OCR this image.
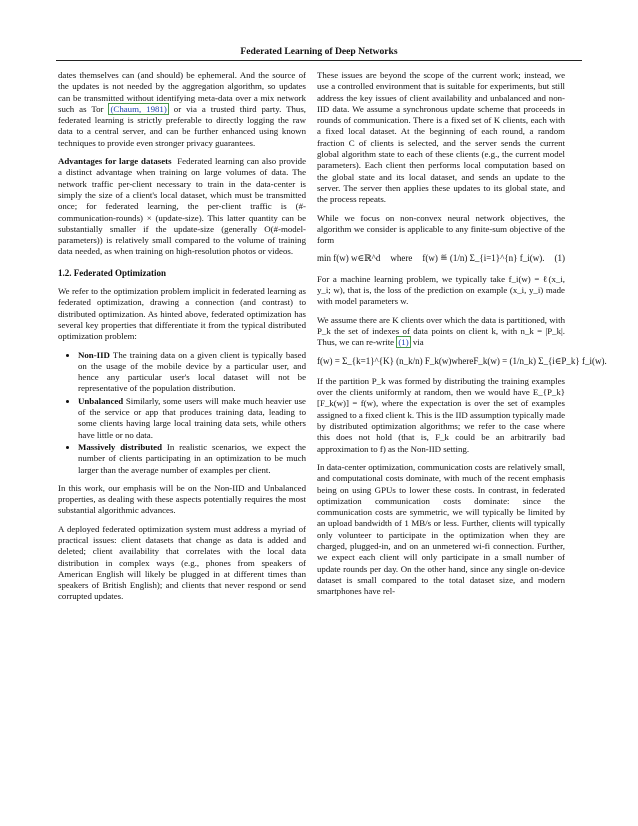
Federated Learning of Deep Networks

dates themselves can (and should) be ephemeral. And the source of the updates is not needed by the aggregation algorithm, so updates can be transmitted without identifying meta-data over a mix network such as Tor (Chaum, 1981) or via a trusted third party. Thus, federated learning is strictly preferable to directly logging the raw data to a central server, and can be further enhanced using known techniques to provide even stronger privacy guarantees.

Advantages for large datasets Federated learning can also provide a distinct advantage when training on large volumes of data. The network traffic per-client necessary to train in the data-center is simply the size of a client's local dataset, which must be transmitted once; for federated learning, the per-client traffic is (#-communication-rounds) × (update-size). This latter quantity can be substantially smaller if the update-size (generally O(#-model-parameters)) is relatively small compared to the volume of training data needed, as when training on high-resolution photos or videos.

1.2. Federated Optimization

We refer to the optimization problem implicit in federated learning as federated optimization, drawing a connection (and contrast) to distributed optimization. As hinted above, federated optimization has several key properties that differentiate it from the typical distributed optimization problem:

• Non-IID The training data on a given client is typically based on the usage of the mobile device by a particular user, and hence any particular user's local dataset will not be representative of the population distribution.
• Unbalanced Similarly, some users will make much heavier use of the service or app that produces training data, leading to some clients having large local training data sets, while others have little or no data.
• Massively distributed In realistic scenarios, we expect the number of clients participating in an optimization to be much larger than the average number of examples per client.

In this work, our emphasis will be on the Non-IID and Unbalanced properties, as dealing with these aspects potentially requires the most substantial algorithmic advances.

A deployed federated optimization system must address a myriad of practical issues: client datasets that change as data is added and deleted; client availability that correlates with the local data distribution in complex ways (e.g., phones from speakers of American English will likely be plugged in at different times than speakers of British English); and clients that never respond or send corrupted updates.

These issues are beyond the scope of the current work; instead, we use a controlled environment that is suitable for experiments, but still address the key issues of client availability and unbalanced and non-IID data. We assume a synchronous update scheme that proceeds in rounds of communication. There is a fixed set of K clients, each with a fixed local dataset. At the beginning of each round, a random fraction C of clients is selected, and the server sends the current global algorithm state to each of these clients (e.g., the current model parameters). Each client then performs local computation based on the global state and its local dataset, and sends an update to the server. The server then applies these updates to its global state, and the process repeats.

While we focus on non-convex neural network objectives, the algorithm we consider is applicable to any finite-sum objective of the form

min f(w) w∈ℝ^d where f(w) ≝ (1/n) Σ_{i=1}^{n} f_i(w). (1)

For a machine learning problem, we typically take f_i(w) = ℓ(x_i, y_i; w), that is, the loss of the prediction on example (x_i, y_i) made with model parameters w.

We assume there are K clients over which the data is partitioned, with P_k the set of indexes of data points on client k, with n_k = |P_k|. Thus, we can re-write (1) via

f(w) = Σ_{k=1}^{K} (n_k/n) F_k(w) where F_k(w) = (1/n_k) Σ_{i∈P_k} f_i(w).

If the partition P_k was formed by distributing the training examples over the clients uniformly at random, then we would have E_{P_k}[F_k(w)] = f(w), where the expectation is over the set of examples assigned to a fixed client k. This is the IID assumption typically made by distributed optimization algorithms; we refer to the case where this does not hold (that is, F_k could be an arbitrarily bad approximation to f) as the Non-IID setting.

In data-center optimization, communication costs are relatively small, and computational costs dominate, with much of the recent emphasis being on using GPUs to lower these costs. In contrast, in federated optimization communication costs dominate: since the communication costs are symmetric, we will typically be limited by an upload bandwidth of 1 MB/s or less. Further, clients will typically only volunteer to participate in the optimization when they are charged, plugged-in, and on an unmetered wi-fi connection. Further, we expect each client will only participate in a small number of update rounds per day. On the other hand, since any single on-device dataset is small compared to the total dataset size, and modern smartphones have rel-
